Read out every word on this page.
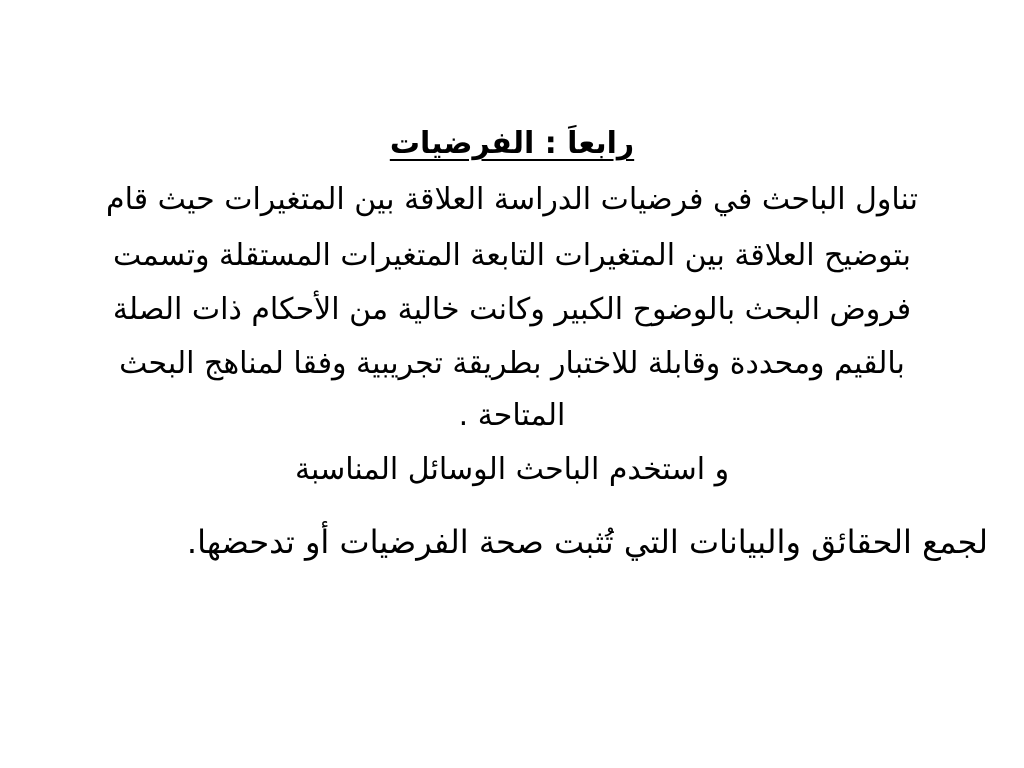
رابعاَ : الفرضيات
تناول الباحث في فرضيات الدراسة العلاقة بين المتغيرات حيث قام
بتوضيح العلاقة بين المتغيرات التابعة المتغيرات المستقلة وتسمت
فروض البحث بالوضوح الكبير وكانت خالية من الأحكام ذات الصلة
بالقيم ومحددة وقابلة للاختبار بطريقة تجريبية وفقا لمناهج البحث
المتاحة .
و استخدم الباحث الوسائل المناسبة
لجمع الحقائق والبيانات التي تُثبت صحة الفرضيات أو تدحضها.
